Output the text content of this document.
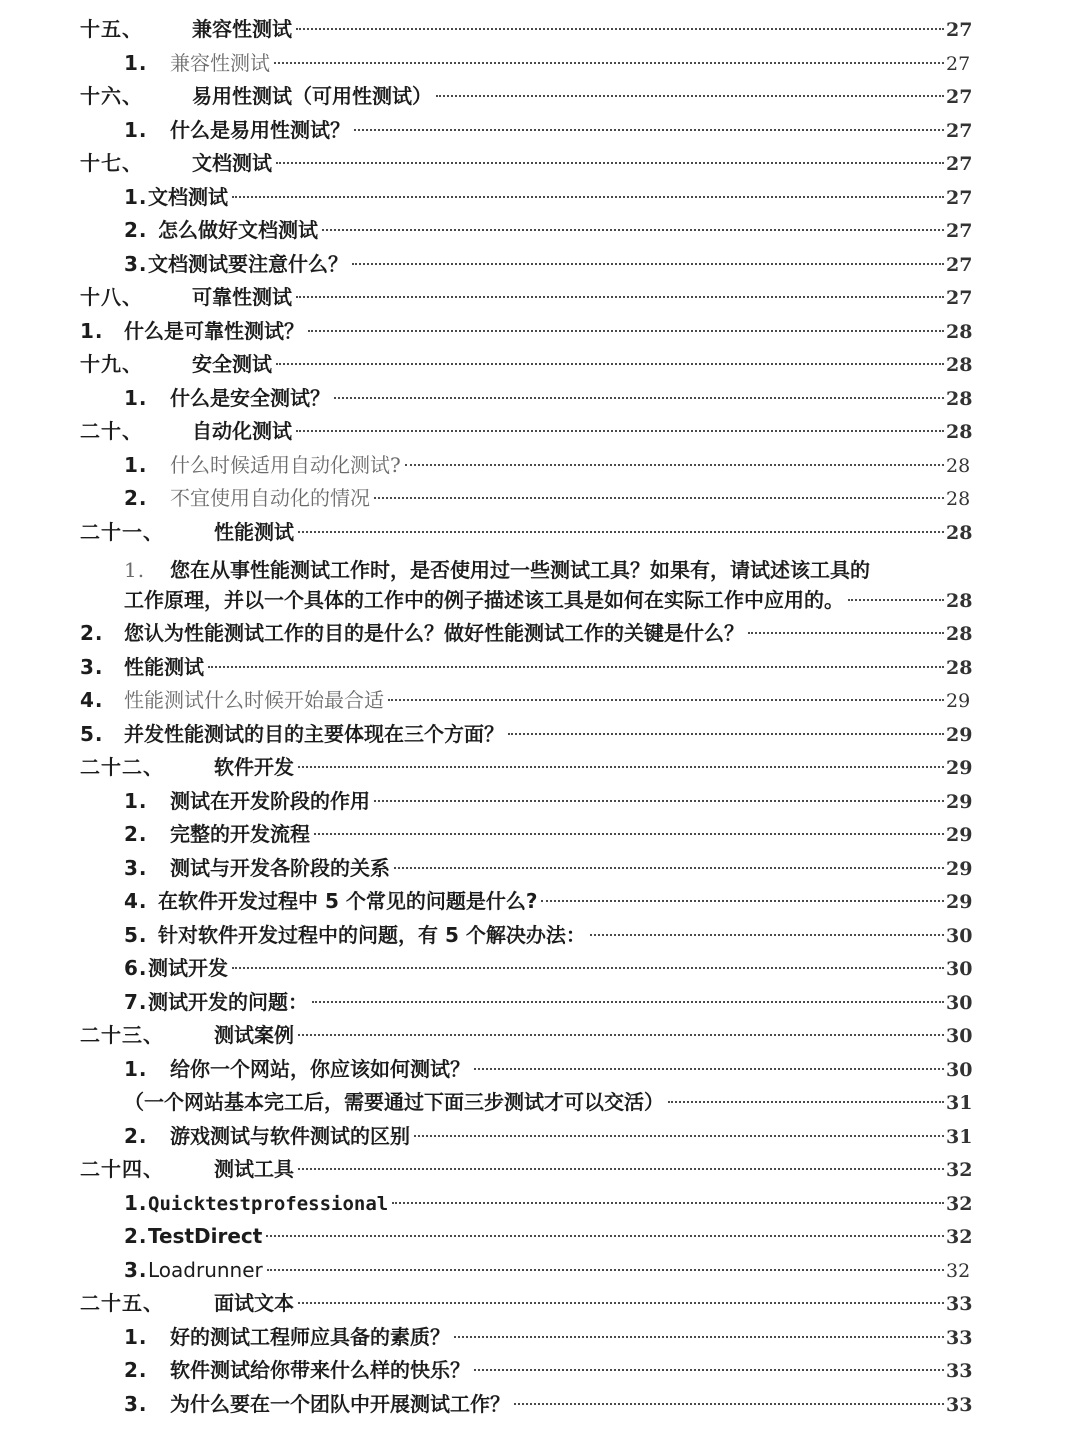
十五、	兼容性测试	27
1.	兼容性测试	27
十六、	易用性测试（可用性测试）	27
1.	什么是易用性测试？	27
十七、	文档测试	27
1. 文档测试	27
2. 怎么做好文档测试	27
3. 文档测试要注意什么？	27
十八、	可靠性测试	27
1.	什么是可靠性测试？	28
十九、	安全测试	28
1.	什么是安全测试？	28
二十、	自动化测试	28
1.	什么时候适用自动化测试?	28
2.	不宜使用自动化的情况	28
二十一、	性能测试	28
1.	您在从事性能测试工作时，是否使用过一些测试工具？如果有，请试述该工具的
工作原理，并以一个具体的工作中的例子描述该工具是如何在实际工作中应用的。	28
2.	您认为性能测试工作的目的是什么？做好性能测试工作的关键是什么？	28
3.	性能测试	28
4.	性能测试什么时候开始最合适	29
5.	并发性能测试的目的主要体现在三个方面？	29
二十二、	软件开发	29
1.	测试在开发阶段的作用	29
2.	完整的开发流程	29
3.	测试与开发各阶段的关系	29
4. 在软件开发过程中 5 个常见的问题是什么?	29
5. 针对软件开发过程中的问题，有 5 个解决办法：	30
6. 测试开发	30
7. 测试开发的问题：	30
二十三、	测试案例	30
1.	给你一个网站，你应该如何测试？	30
（一个网站基本完工后，需要通过下面三步测试才可以交活）	31
2.	游戏测试与软件测试的区别	31
二十四、	测试工具	32
1. Quicktestprofessional	32
2. TestDirect	32
3. Loadrunner	32
二十五、	面试文本	33
1.	好的测试工程师应具备的素质？	33
2.	软件测试给你带来什么样的快乐？	33
3.	为什么要在一个团队中开展测试工作？	33
